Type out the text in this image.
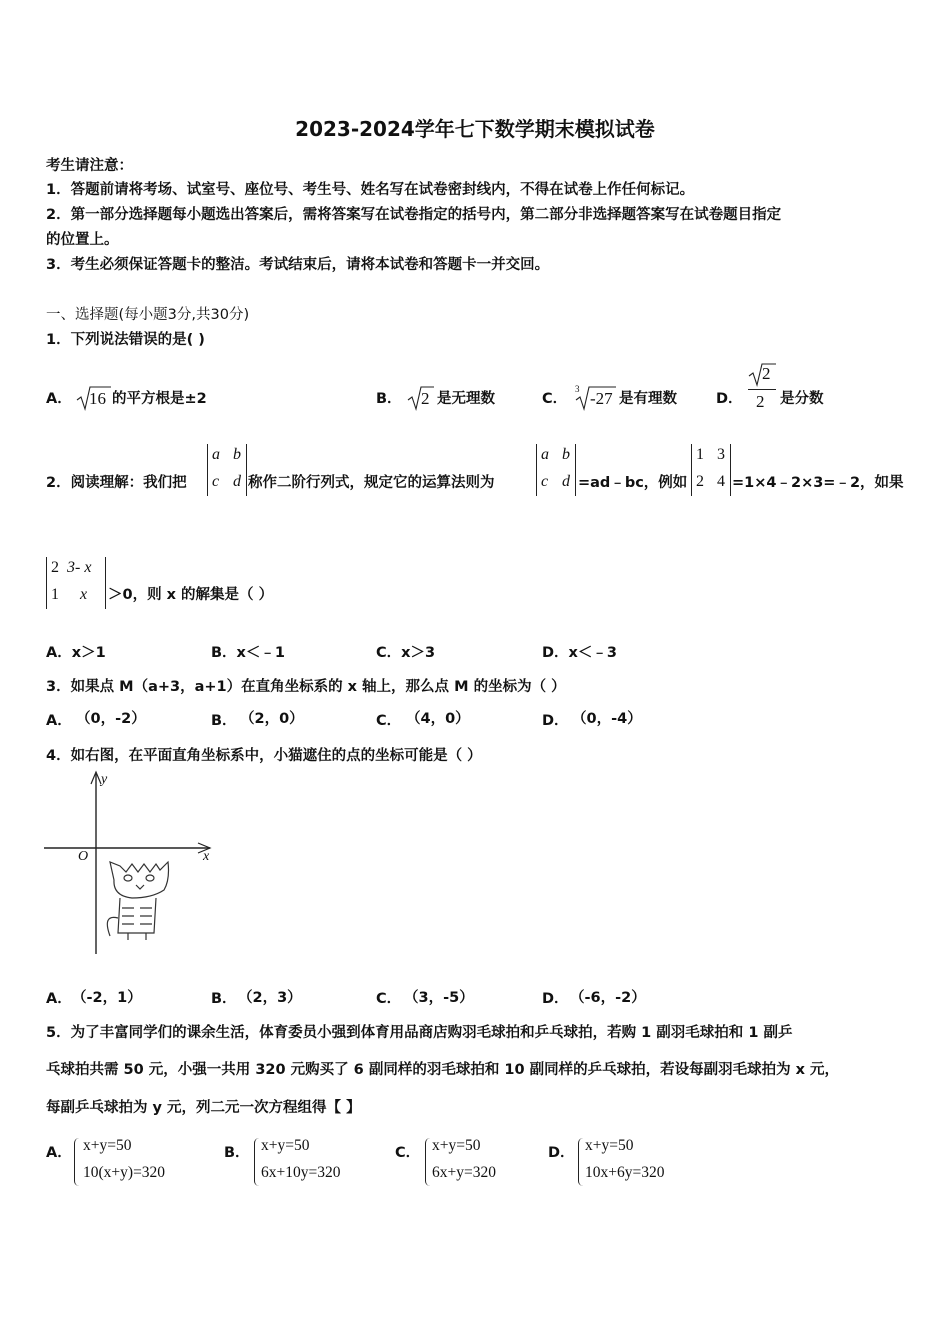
2023-2024学年七下数学期末模拟试卷
考生请注意：
1．答题前请将考场、试室号、座位号、考生号、姓名写在试卷密封线内，不得在试卷上作任何标记。
2．第一部分选择题每小题选出答案后，需将答案写在试卷指定的括号内，第二部分非选择题答案写在试卷题目指定
的位置上。
3．考生必须保证答题卡的整洁。考试结束后，请将本试卷和答题卡一并交回。
一、选择题(每小题3分,共30分)
1．下列说法错误的是( )
A． 16 的平方根是±2	B． 2 是无理数	C．
3 -27 是有理数	D．
2
2 是分数
2．阅读理解：我们把
a b
c d 称作二阶行列式，规定它的运算法则为
a b
c d =ad﹣bc，例如
1 3
2 4 =1×4﹣2×3=﹣2，如果
2 3- x
1 x ＞0，则 x 的解集是（ ）
A．x＞1	B．x＜﹣1	C．x＞3	D．x＜﹣3
3．如果点 M（a+3，a+1）在直角坐标系的 x 轴上，那么点 M 的坐标为（ ）
A． （0，-2）	B． （2，0）	C． （4，0）	D． （0，-4）
4．如右图，在平面直角坐标系中，小猫遮住的点的坐标可能是（ ）
y
x
O
A． （-2，1）	B． （2，3）	C． （3，-5）	D． （-6，-2）
5．为了丰富同学们的课余生活，体育委员小强到体育用品商店购羽毛球拍和乒乓球拍，若购 1 副羽毛球拍和 1 副乒
乓球拍共需 50 元，小强一共用 320 元购买了 6 副同样的羽毛球拍和 10 副同样的乒乓球拍，若设每副羽毛球拍为 x 元，
每副乒乓球拍为 y 元，列二元一次方程组得【 】
A． x+y=50
10(x+y)=320
B． x+y=50
6x+10y=320
C． x+y=50
6x+y=320
D． x+y=50
10x+6y=320
